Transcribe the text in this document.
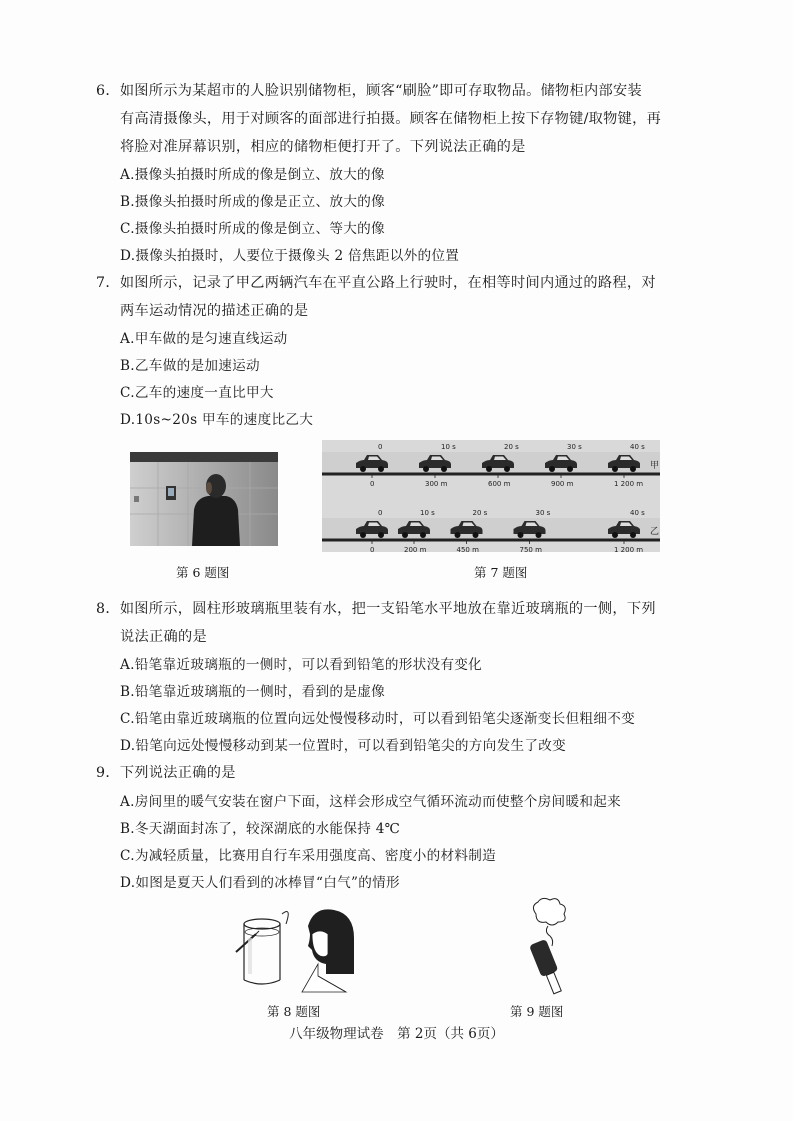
6．如图所示为某超市的人脸识别储物柜，顾客“刷脸”即可存取物品。储物柜内部安装
有高清摄像头，用于对顾客的面部进行拍摄。顾客在储物柜上按下存物键/取物键，再
将脸对准屏幕识别，相应的储物柜便打开了。下列说法正确的是
A.摄像头拍摄时所成的像是倒立、放大的像
B.摄像头拍摄时所成的像是正立、放大的像
C.摄像头拍摄时所成的像是倒立、等大的像
D.摄像头拍摄时，人要位于摄像头 2 倍焦距以外的位置
7．如图所示，记录了甲乙两辆汽车在平直公路上行驶时，在相等时间内通过的路程，对
两车运动情况的描述正确的是
A.甲车做的是匀速直线运动
B.乙车做的是加速运动
C.乙车的速度一直比甲大
D.10s~20s 甲车的速度比乙大
第 6 题图
0
0
10 s
300 m
20 s
600 m
30 s
900 m
40 s
1 200 m
0
0
10 s
200 m
20 s
450 m
30 s
750 m
40 s
1 200 m
甲
乙
第 7 题图
8．如图所示，圆柱形玻璃瓶里装有水，把一支铅笔水平地放在靠近玻璃瓶的一侧，下列
说法正确的是
A.铅笔靠近玻璃瓶的一侧时，可以看到铅笔的形状没有变化
B.铅笔靠近玻璃瓶的一侧时，看到的是虚像
C.铅笔由靠近玻璃瓶的位置向远处慢慢移动时，可以看到铅笔尖逐渐变长但粗细不变
D.铅笔向远处慢慢移动到某一位置时，可以看到铅笔尖的方向发生了改变
9．下列说法正确的是
A.房间里的暖气安装在窗户下面，这样会形成空气循环流动而使整个房间暖和起来
B.冬天湖面封冻了，较深湖底的水能保持 4℃
C.为减轻质量，比赛用自行车采用强度高、密度小的材料制造
D.如图是夏天人们看到的冰棒冒“白气”的情形
第 8 题图	第 9 题图
八年级物理试卷　第 2页（共 6页）
